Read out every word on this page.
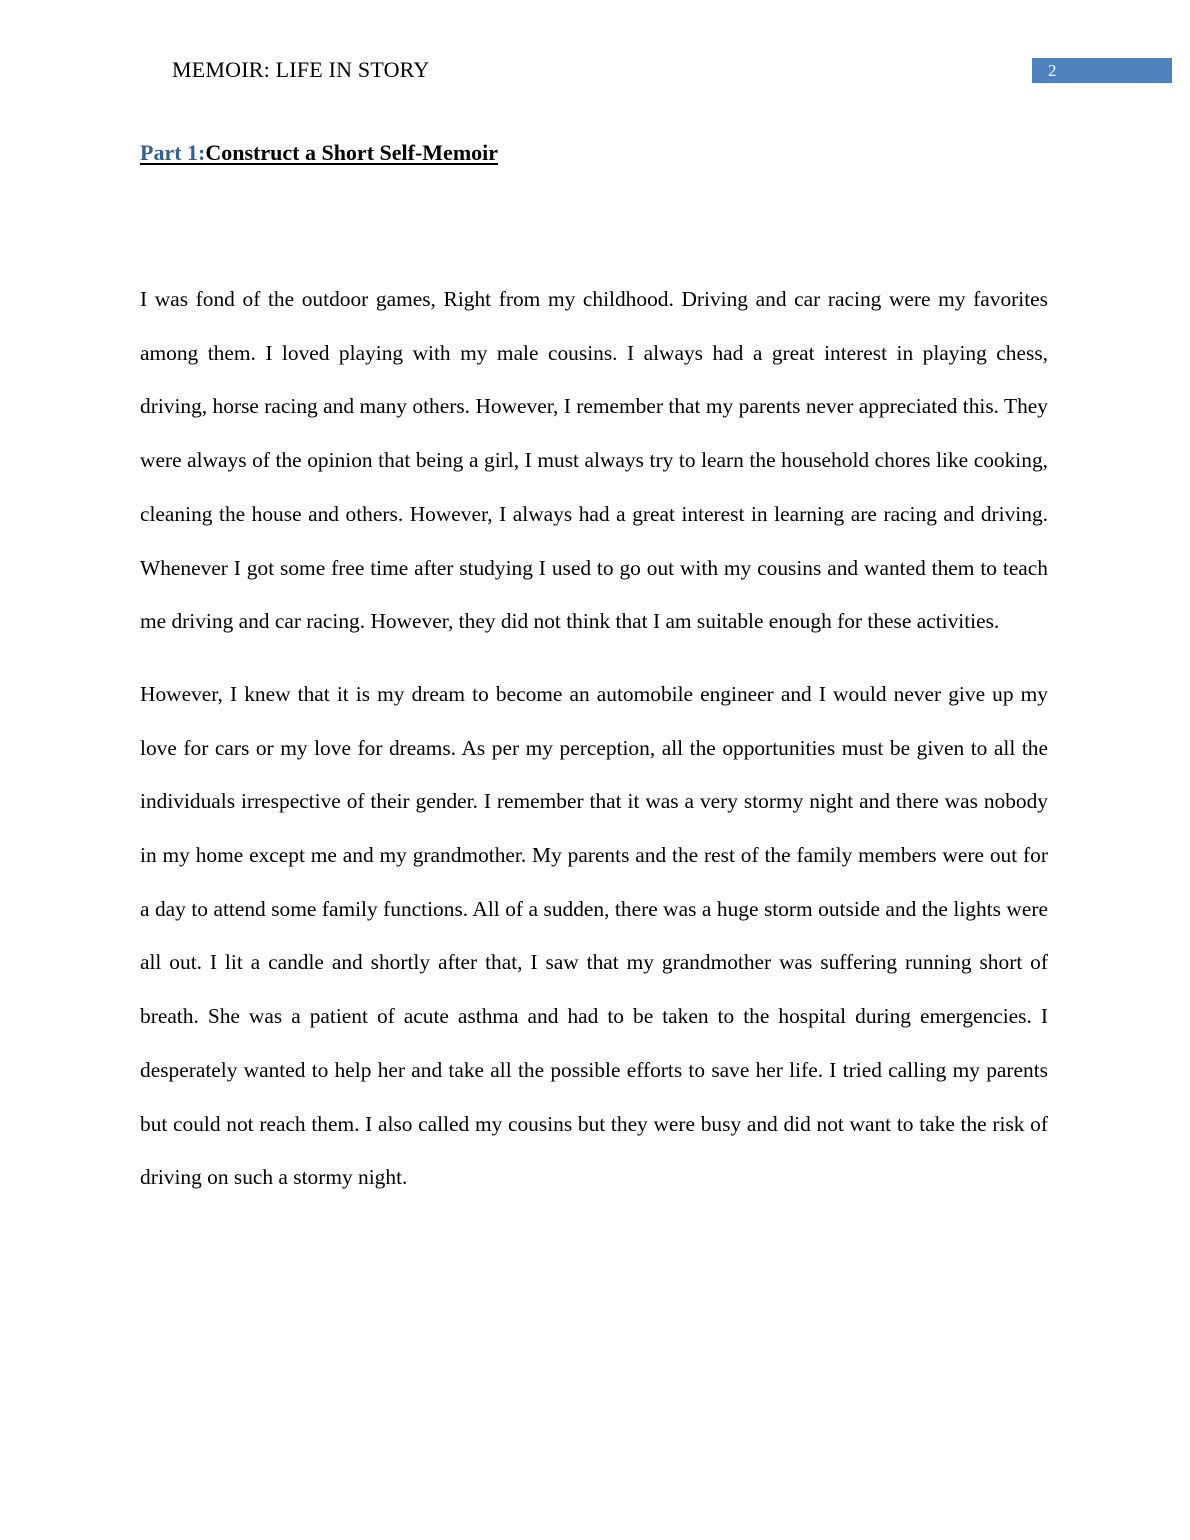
MEMOIR: LIFE IN STORY	2
Part 1:Construct a Short Self-Memoir

I was fond of the outdoor games, Right from my childhood. Driving and car racing were my favorites among them. I loved playing with my male cousins. I always had a great interest in playing chess, driving, horse racing and many others. However, I remember that my parents never appreciated this. They were always of the opinion that being a girl, I must always try to learn the household chores like cooking, cleaning the house and others. However, I always had a great interest in learning are racing and driving. Whenever I got some free time after studying I used to go out with my cousins and wanted them to teach me driving and car racing. However, they did not think that I am suitable enough for these activities.

However, I knew that it is my dream to become an automobile engineer and I would never give up my love for cars or my love for dreams. As per my perception, all the opportunities must be given to all the individuals irrespective of their gender. I remember that it was a very stormy night and there was nobody in my home except me and my grandmother. My parents and the rest of the family members were out for a day to attend some family functions. All of a sudden, there was a huge storm outside and the lights were all out. I lit a candle and shortly after that, I saw that my grandmother was suffering running short of breath. She was a patient of acute asthma and had to be taken to the hospital during emergencies. I desperately wanted to help her and take all the possible efforts to save her life. I tried calling my parents but could not reach them. I also called my cousins but they were busy and did not want to take the risk of driving on such a stormy night.
